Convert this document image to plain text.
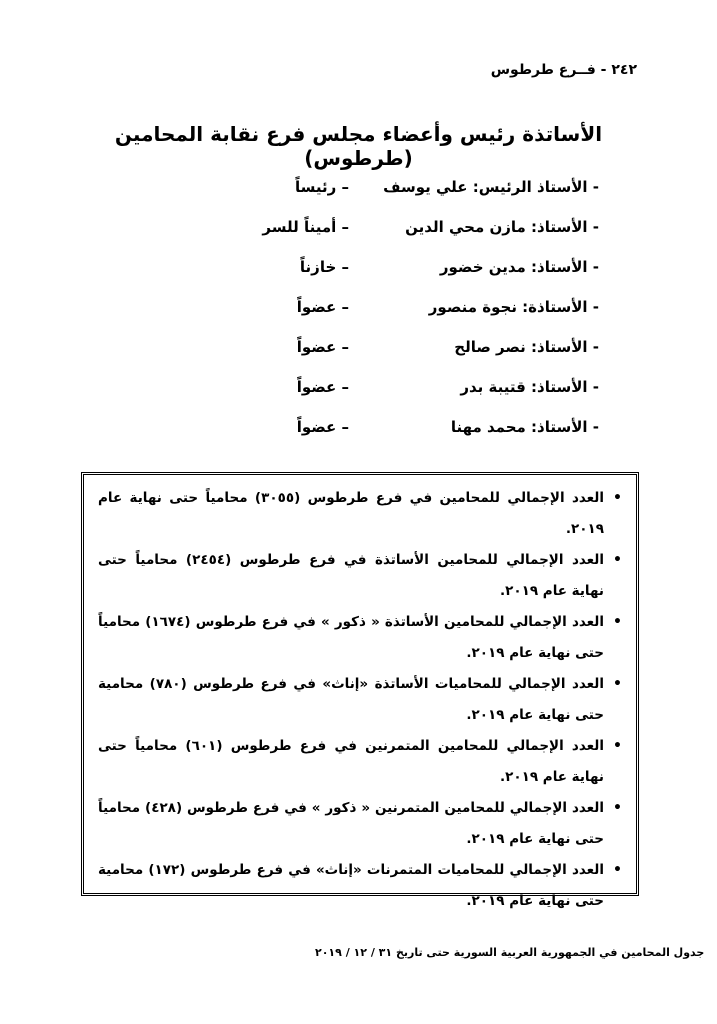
٢٤٢ - فــرع طرطوس
الأساتذة رئيس وأعضاء مجلس فرع نقابة المحامين (طرطوس)
- الأستاذ الرئيس: علي يوسف
– رئيساً
- الأستاذ: مازن محي الدين
– أميناً للسر
- الأستاذ: مدين خضور
– خازناً
- الأستاذة: نجوة منصور
– عضواً
- الأستاذ: نصر صالح
– عضواً
- الأستاذ: قتيبة بدر
– عضواً
- الأستاذ: محمد مهنا
– عضواً
•
العدد الإجمالي للمحامين في فرع طرطوس (٣٠٥٥) محامياً حتى نهاية عام ٢٠١٩.
•
العدد الإجمالي للمحامين الأساتذة في فرع طرطوس (٢٤٥٤) محامياً حتى نهاية عام ٢٠١٩.
•
العدد الإجمالي للمحامين الأساتذة « ذكور » في فرع طرطوس (١٦٧٤) محامياً حتى نهاية عام ٢٠١٩.
•
العدد الإجمالي للمحاميات الأساتذة «إناث» في فرع طرطوس (٧٨٠) محامية حتى نهاية عام ٢٠١٩.
•
العدد الإجمالي للمحامين المتمرنين في فرع طرطوس (٦٠١) محامياً حتى نهاية عام ٢٠١٩.
•
العدد الإجمالي للمحامين المتمرنين « ذكور » في فرع طرطوس (٤٢٨) محامياً حتى نهاية عام ٢٠١٩.
•
العدد الإجمالي للمحاميات المتمرنات «إناث» في فرع طرطوس (١٧٢) محامية حتى نهاية عام ٢٠١٩.
جدول المحامين في الجمهورية العربية السورية حتى تاريخ ٣١ / ١٢ / ٢٠١٩
